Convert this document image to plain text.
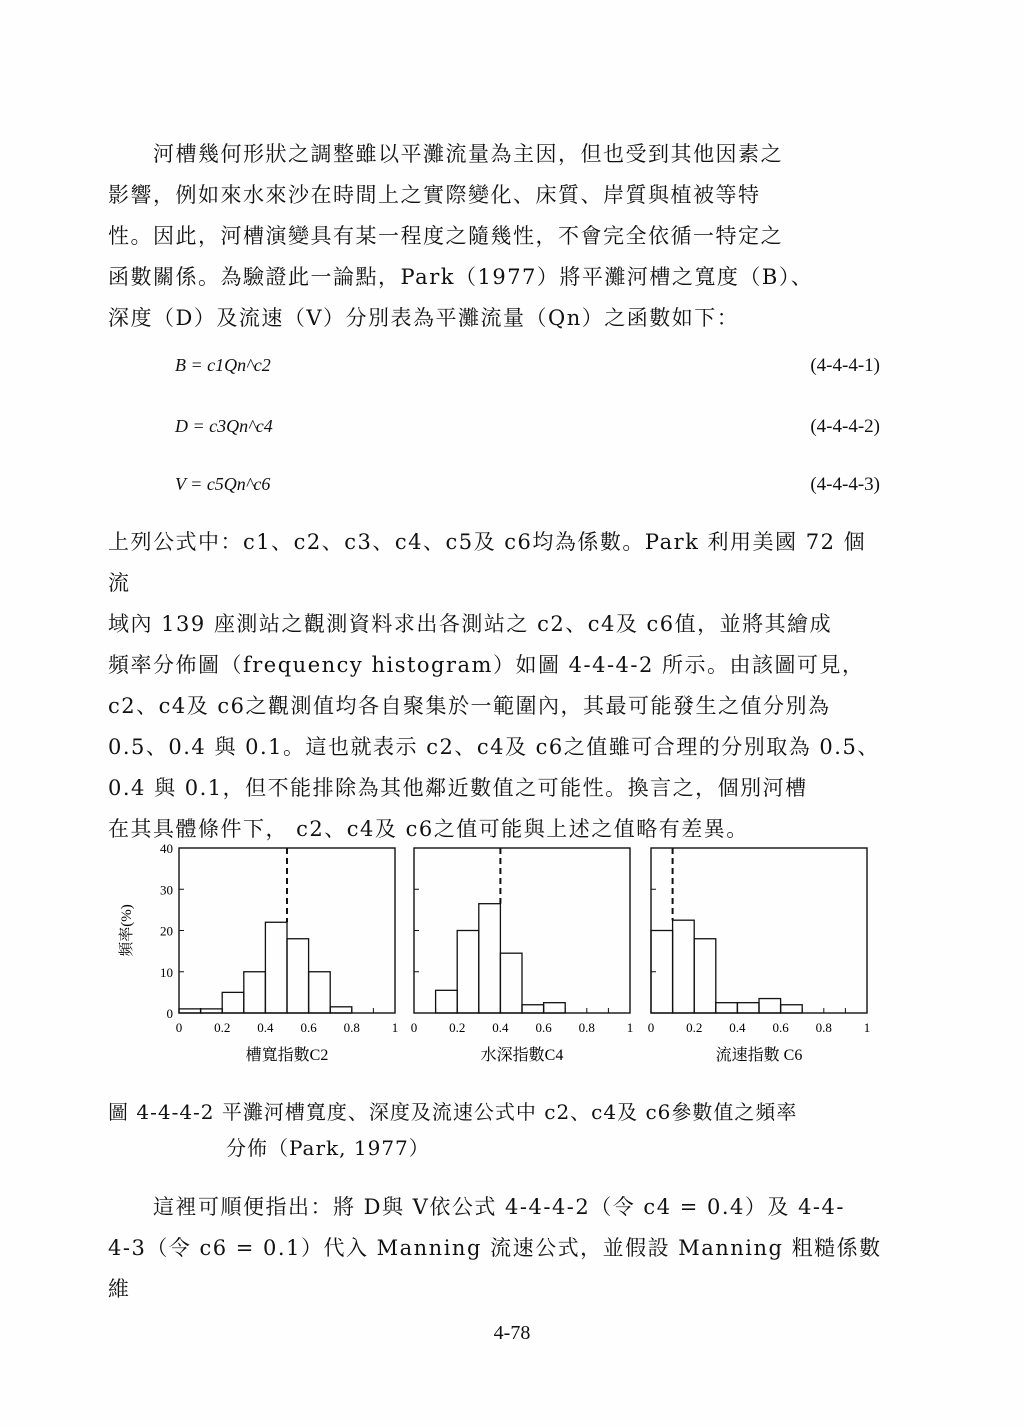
　　河槽幾何形狀之調整雖以平灘流量為主因，但也受到其他因素之

影響，例如來水來沙在時間上之實際變化、床質、岸質與植被等特

性。因此，河槽演變具有某一程度之隨幾性，不會完全依循一特定之

函數關係。為驗證此一論點，Park（1977）將平灘河槽之寬度（B）、

深度（D）及流速（V）分別表為平灘流量（Qn）之函數如下：

B = c1Qn^c2	(4-4-4-1)
D = c3Qn^c4	(4-4-4-2)
V = c5Qn^c6	(4-4-4-3)

上列公式中：c1、c2、c3、c4、c5及 c6均為係數。Park 利用美國 72 個流

域內 139 座測站之觀測資料求出各測站之 c2、c4及 c6值，並將其繪成

頻率分佈圖（frequency histogram）如圖 4-4-4-2 所示。由該圖可見，

c2、c4及 c6之觀測值均各自聚集於一範圍內，其最可能發生之值分別為

0.5、0.4 與 0.1。這也就表示 c2、c4及 c6之值雖可合理的分別取為 0.5、

0.4 與 0.1，但不能排除為其他鄰近數值之可能性。換言之，個別河槽

在其具體條件下， c2、c4及 c6之值可能與上述之值略有差異。

0 0.2 0.4 0.6 0.8 1
0
10
20
30
40
槽寬指數C2
頻率(%)
0 0.2 0.4 0.6 0.8 1
水深指數C4
0 0.2 0.4 0.6 0.8 1
流速指數 C6
圖 4-4-4-2 平灘河槽寬度、深度及流速公式中 c2、c4及 c6參數值之頻率
分佈（Park, 1977）

　　這裡可順便指出：將 D與 V依公式 4-4-4-2（令 c4 = 0.4）及 4-4-

4-3（令 c6 = 0.1）代入 Manning 流速公式，並假設 Manning 粗糙係數維

4-78
